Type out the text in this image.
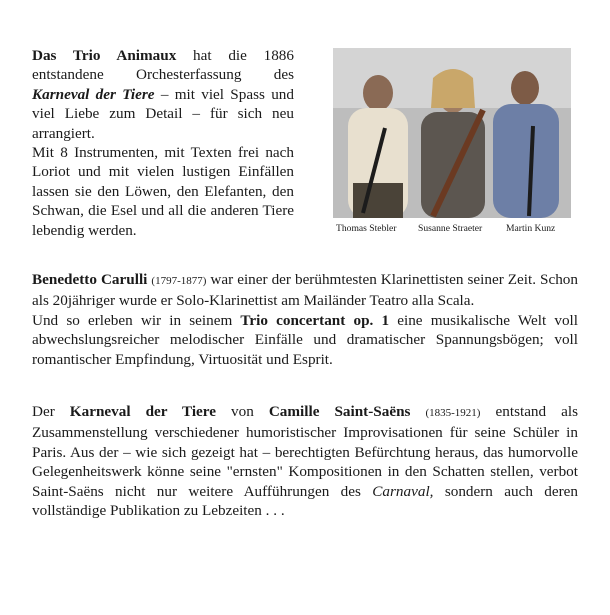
Das Trio Animaux hat die 1886 entstandene Orchesterfassung des Karneval der Tiere – mit viel Spass und viel Liebe zum Detail – für sich neu arrangiert.
Mit 8 Instrumenten, mit Texten frei nach Loriot und mit vielen lustigen Einfällen lassen sie den Löwen, den Elefanten, den Schwan, die Esel und all die anderen Tiere lebendig werden.	Thomas Stebler Susanne Straeter Martin Kunz
Benedetto Carulli (1797-1877) war einer der berühmtesten Klarinettisten seiner Zeit. Schon als 20jähriger wurde er Solo-Klarinettist am Mailänder Teatro alla Scala.
Und so erleben wir in seinem Trio concertant op. 1 eine musikalische Welt voll abwechslungsreicher melodischer Einfälle und dramatischer Spannungsbögen; voll romantischer Empfindung, Virtuosität und Esprit.
Der Karneval der Tiere von Camille Saint-Saëns (1835-1921) entstand als Zusammenstellung verschiedener humoristischer Improvisationen für seine Schüler in Paris. Aus der – wie sich gezeigt hat – berechtigten Befürchtung heraus, das humorvolle Gelegenheitswerk könne seine "ernsten" Kompositionen in den Schatten stellen, verbot Saint-Saëns nicht nur weitere Aufführungen des Carnaval, sondern auch deren vollständige Publikation zu Lebzeiten . . .
